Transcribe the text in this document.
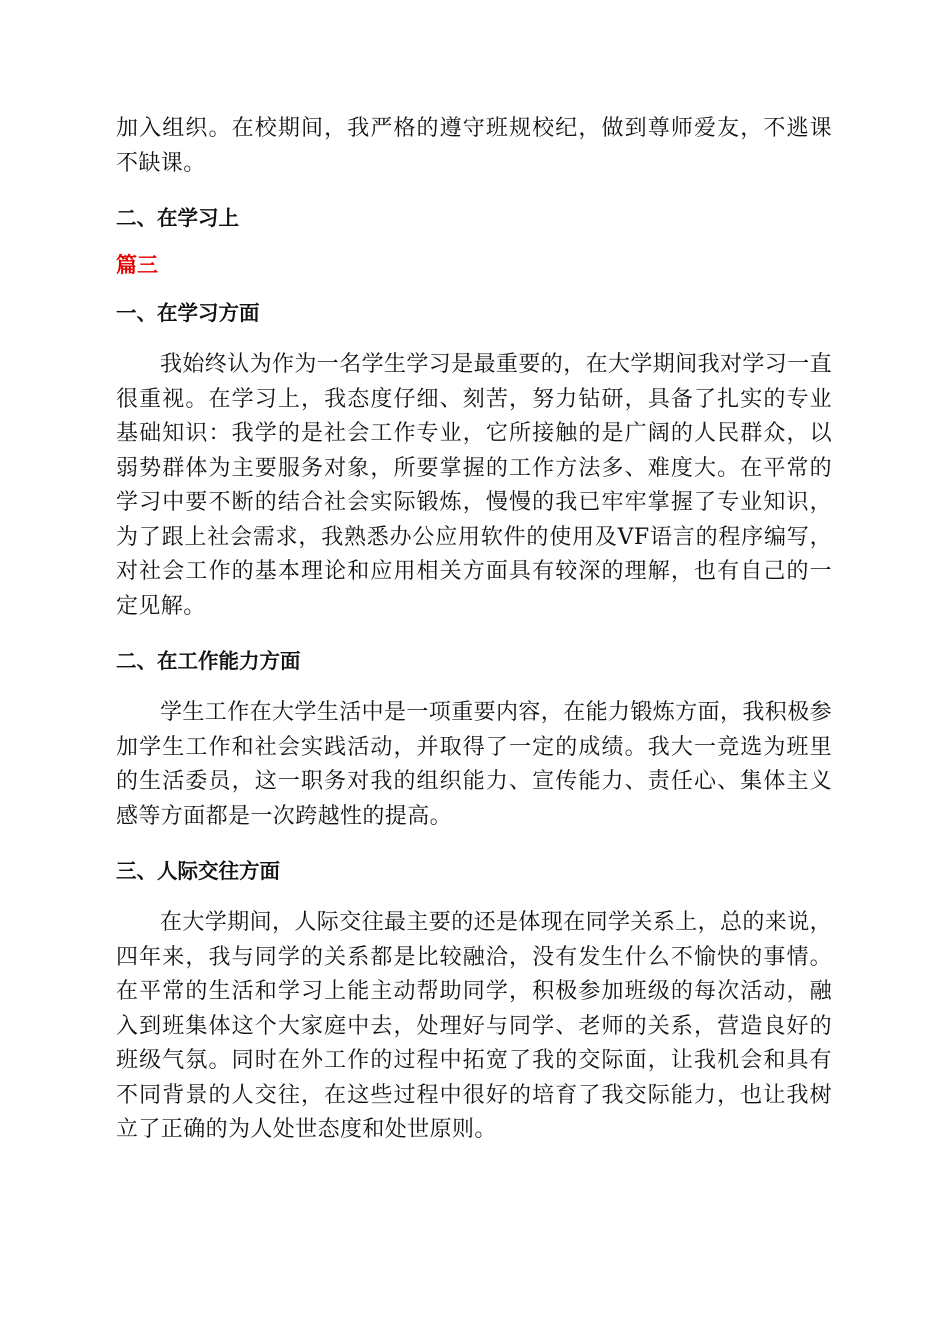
加入组织。在校期间，我严格的遵守班规校纪，做到尊师爱友，不逃课不缺课。

二、在学习上
篇三
一、在学习方面

我始终认为作为一名学生学习是最重要的，在大学期间我对学习一直很重视。在学习上，我态度仔细、刻苦，努力钻研，具备了扎实的专业基础知识：我学的是社会工作专业，它所接触的是广阔的人民群众，以弱势群体为主要服务对象，所要掌握的工作方法多、难度大。在平常的学习中要不断的结合社会实际锻炼，慢慢的我已牢牢掌握了专业知识，为了跟上社会需求，我熟悉办公应用软件的使用及VF语言的程序编写，对社会工作的基本理论和应用相关方面具有较深的理解，也有自己的一定见解。

二、在工作能力方面

学生工作在大学生活中是一项重要内容，在能力锻炼方面，我积极参加学生工作和社会实践活动，并取得了一定的成绩。我大一竞选为班里的生活委员，这一职务对我的组织能力、宣传能力、责任心、集体主义感等方面都是一次跨越性的提高。

三、人际交往方面

在大学期间，人际交往最主要的还是体现在同学关系上，总的来说，四年来，我与同学的关系都是比较融洽，没有发生什么不愉快的事情。在平常的生活和学习上能主动帮助同学，积极参加班级的每次活动，融入到班集体这个大家庭中去，处理好与同学、老师的关系，营造良好的班级气氛。同时在外工作的过程中拓宽了我的交际面，让我机会和具有不同背景的人交往，在这些过程中很好的培育了我交际能力，也让我树立了正确的为人处世态度和处世原则。
